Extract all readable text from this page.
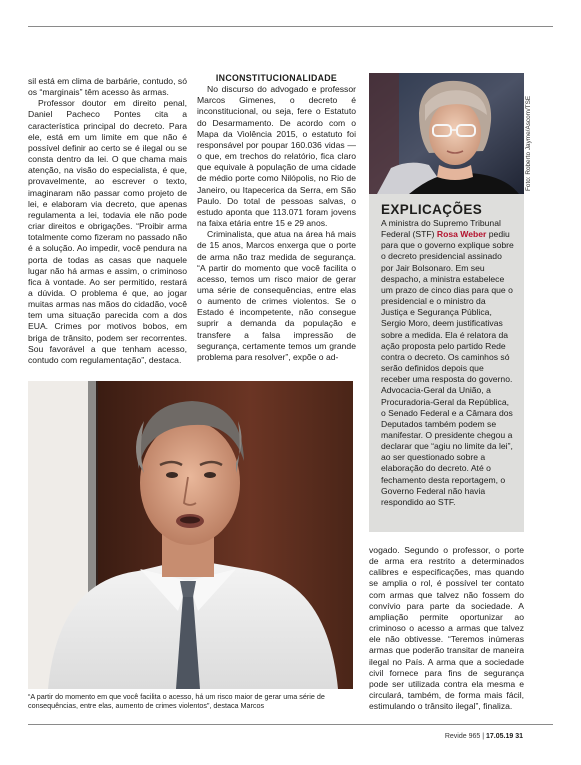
sil está em clima de barbárie, contudo, só os “marginais” têm acesso às armas.

Professor doutor em direito penal, Daniel Pacheco Pontes cita a característica principal do decreto. Para ele, está em um limite em que não é possível definir ao certo se é ilegal ou se consta dentro da lei. O que chama mais atenção, na visão do especialista, é que, provavelmente, ao escrever o texto, imaginaram não passar como projeto de lei, e elaboram via decreto, que apenas regulamenta a lei, todavia ele não pode criar direitos e obrigações. “Proibir arma totalmente como fizeram no passado não é a solução. Ao impedir, você pendura na porta de todas as casas que naquele lugar não há armas e assim, o criminoso fica à vontade. Ao ser permitido, restará a dúvida. O problema é que, ao jogar muitas armas nas mãos do cidadão, você tem uma situação parecida com a dos EUA. Crimes por motivos bobos, em briga de trânsito, podem ser recorrentes. Sou favorável a que tenham acesso, contudo com regulamentação”, destaca.

INCONSTITUCIONALIDADE

No discurso do advogado e professor Marcos Gimenes, o decreto é inconstitucional, ou seja, fere o Estatuto do Desarmamento. De acordo com o Mapa da Violência 2015, o estatuto foi responsável por poupar 160.036 vidas — o que, em trechos do relatório, fica claro que equivale à população de uma cidade de médio porte como Nilópolis, no Rio de Janeiro, ou Itapecerica da Serra, em São Paulo. Do total de pessoas salvas, o estudo aponta que 113.071 foram jovens na faixa etária entre 15 e 29 anos.

Criminalista, que atua na área há mais de 15 anos, Marcos enxerga que o porte de arma não traz medida de segurança. “A partir do momento que você facilita o acesso, temos um risco maior de gerar uma série de consequências, entre elas o aumento de crimes violentos. Se o Estado é incompetente, não consegue suprir a demanda da população e transfere a falsa impressão de segurança, certamente temos um grande problema para resolver”, expõe o ad-

Foto: Roberto Jayme/Ascom/TSE
EXPLICAÇÕES

A ministra do Supremo Tribunal Federal (STF) Rosa Weber pediu para que o governo explique sobre o decreto presidencial assinado por Jair Bolsonaro. Em seu despacho, a ministra estabelece um prazo de cinco dias para que o presidencial e o ministro da Justiça e Segurança Pública, Sergio Moro, deem justificativas sobre a medida. Ela é relatora da ação proposta pelo partido Rede contra o decreto. Os caminhos só serão definidos depois que receber uma resposta do governo. Advocacia-Geral da União, a Procuradoria-Geral da República, o Senado Federal e a Câmara dos Deputados também podem se manifestar. O presidente chegou a declarar que “agiu no limite da lei”, ao ser questionado sobre a elaboração do decreto. Até o fechamento desta reportagem, o Governo Federal não havia respondido ao STF.

“A partir do momento em que você facilita o acesso, há um risco maior de gerar uma série de consequências, entre elas, aumento de crimes violentos”, destaca Marcos

vogado. Segundo o professor, o porte de arma era restrito a determinados calibres e especificações, mas quando se amplia o rol, é possível ter contato com armas que talvez não fossem do convívio para parte da sociedade. A ampliação permite oportunizar ao criminoso o acesso a armas que talvez ele não obtivesse. “Teremos inúmeras armas que poderão transitar de maneira ilegal no País. A arma que a sociedade civil fornece para fins de segurança pode ser utilizada contra ela mesma e circulará, também, de forma mais fácil, estimulando o trânsito ilegal”, finaliza.

Revide 965 | 17.05.19 31
